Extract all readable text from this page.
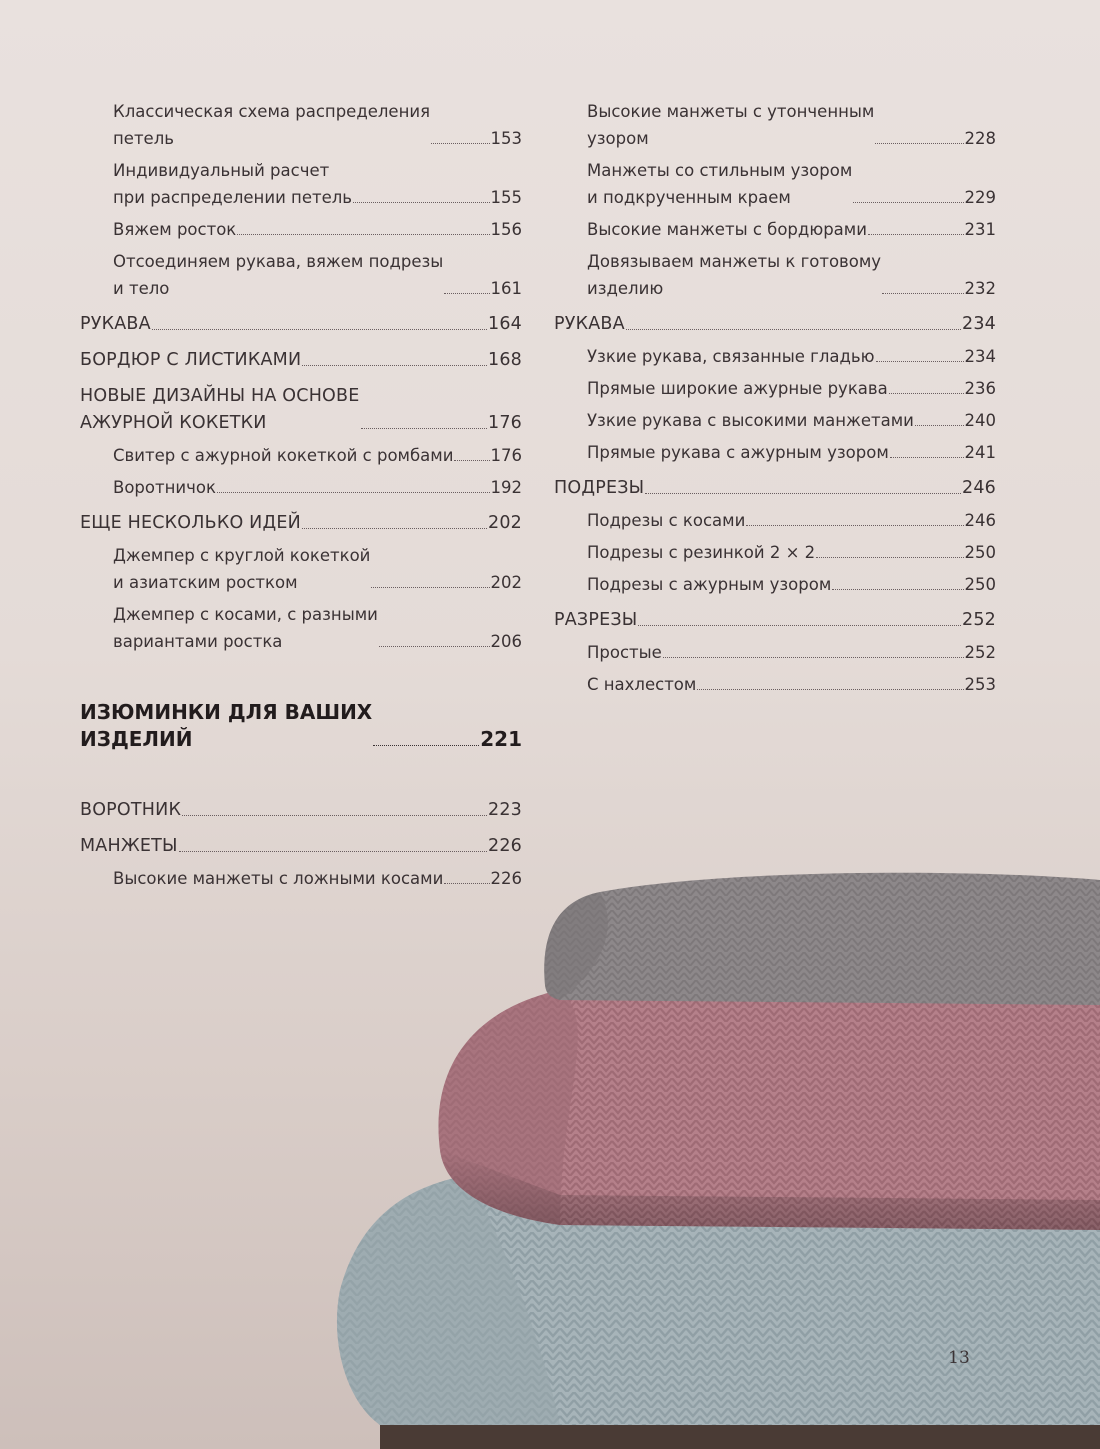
Классическая схема распределения
петель	153
Индивидуальный расчет
при распределении петель	155
Вяжем росток	156
Отсоединяем рукава, вяжем подрезы
и тело	161
РУКАВА	164
БОРДЮР С ЛИСТИКАМИ	168
НОВЫЕ ДИЗАЙНЫ НА ОСНОВЕ
АЖУРНОЙ КОКЕТКИ	176
Свитер с ажурной кокеткой с ромбами 176
Воротничок	192
ЕЩЕ НЕСКОЛЬКО ИДЕЙ	202
Джемпер с круглой кокеткой
и азиатским ростком	202
Джемпер с косами, с разными
вариантами ростка	206
ИЗЮМИНКИ ДЛЯ ВАШИХ
ИЗДЕЛИЙ	221
ВОРОТНИК	223
МАНЖЕТЫ	226
Высокие манжеты с ложными косами	226
Высокие манжеты с утонченным
узором	228
Манжеты со стильным узором
и подкрученным краем	229
Высокие манжеты с бордюрами	231
Довязываем манжеты к готовому
изделию	232
РУКАВА	234
Узкие рукава, связанные гладью	234
Прямые широкие ажурные рукава	236
Узкие рукава с высокими манжетами	240
Прямые рукава с ажурным узором	241
ПОДРЕЗЫ	246
Подрезы с косами	246
Подрезы с резинкой 2 × 2	250
Подрезы с ажурным узором	250
РАЗРЕЗЫ	252
Простые	252
С нахлестом	253
13
